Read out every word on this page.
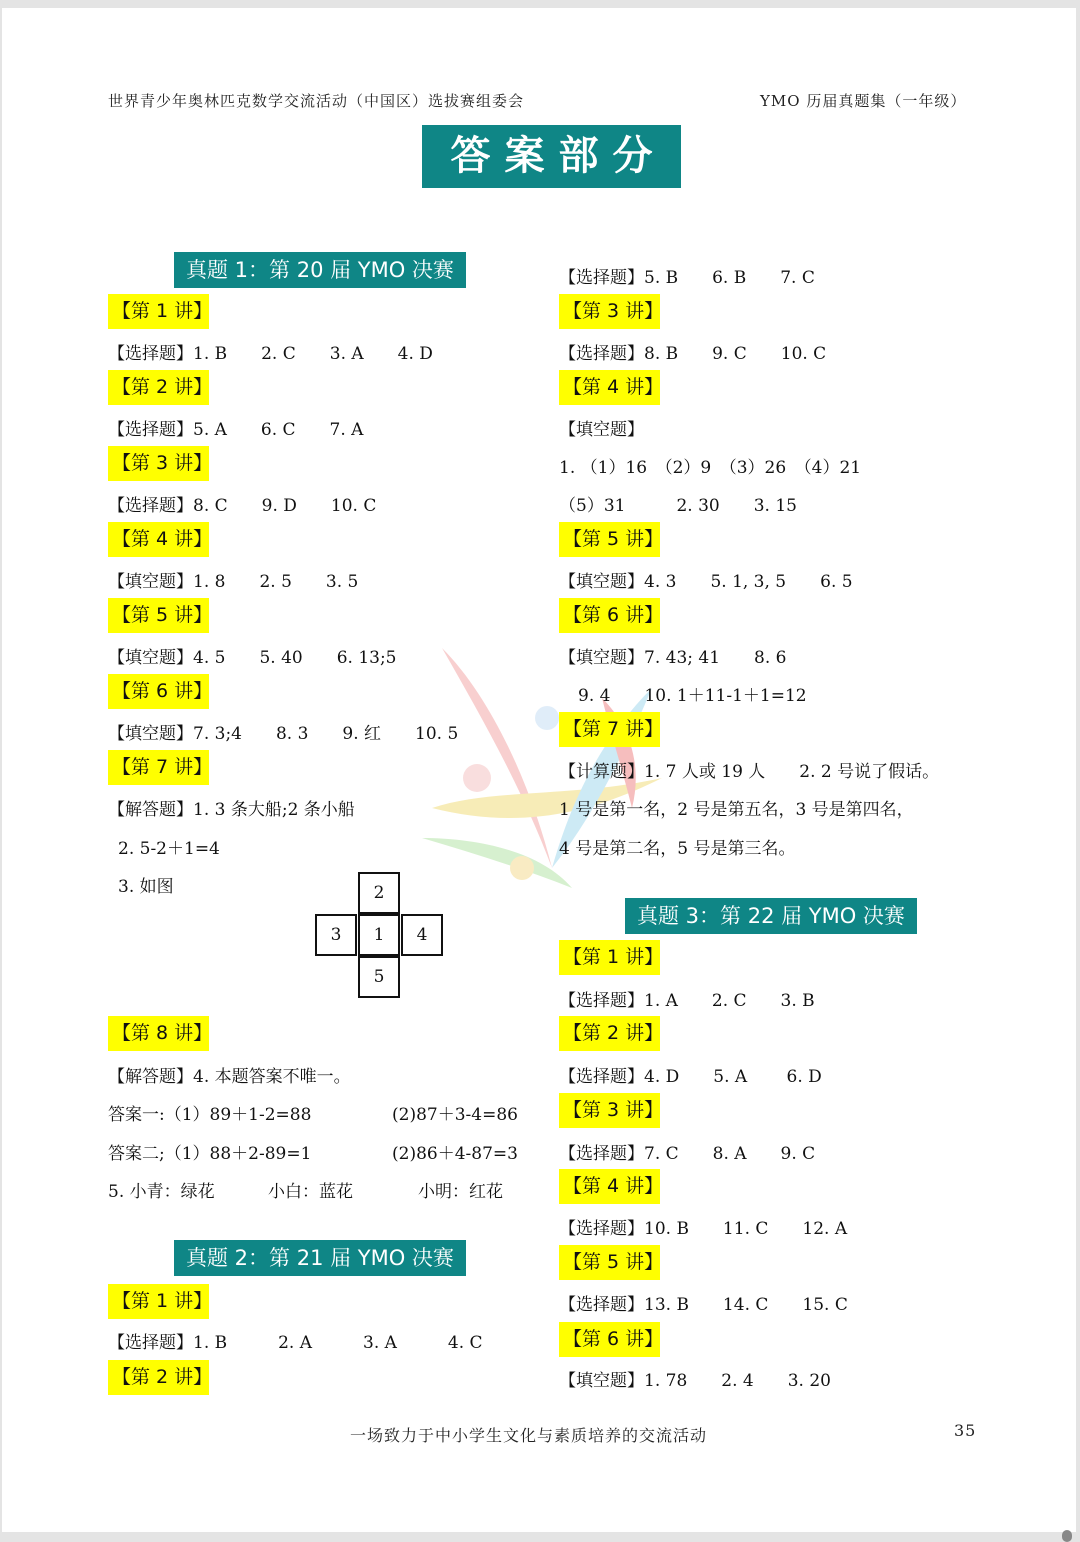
世界青少年奥林匹克数学交流活动（中国区）选拔赛组委会	YMO 历届真题集（一年级）
答案部分
真题 1：第 20 届 YMO 决赛
【第 1 讲】
【选择题】1. B　　2. C　　3. A　　4. D
【第 2 讲】
【选择题】5. A　　6. C　　7. A
【第 3 讲】
【选择题】8. C　　9. D　　10. C
【第 4 讲】
【填空题】1. 8　　2. 5　　3. 5
【第 5 讲】
【填空题】4. 5　　5. 40　　6. 13;5
【第 6 讲】
【填空题】7. 3;4　　8. 3　　9. 红　　10. 5
【第 7 讲】
【解答题】1. 3 条大船;2 条小船
2. 5-2＋1=4
3. 如图	2
3	1	4
5
【第 8 讲】
【解答题】4. 本题答案不唯一。
答案一:（1）89＋1-2=88	(2)87＋3-4=86
答案二;（1）88＋2-89=1	(2)86＋4-87=3
5. 小青：绿花	小白：蓝花	小明：红花
真题 2：第 21 届 YMO 决赛
【第 1 讲】
【选择题】1. B　　　2. A　　　3. A　　　4. C
【第 2 讲】
【选择题】5. B　　6. B　　7. C
【第 3 讲】
【选择题】8. B　　9. C　　10. C
【第 4 讲】
【填空题】
1. （1）16　（2）9　（3）26　（4）21
（5）31　　　2. 30　　3. 15
【第 5 讲】
【填空题】4. 3　　5. 1, 3, 5　　6. 5
【第 6 讲】
【填空题】7. 43; 41　　8. 6
9. 4　　10. 1＋11-1＋1=12
【第 7 讲】
【计算题】1. 7 人或 19 人　　2. 2 号说了假话。
1 号是第一名，2 号是第五名，3 号是第四名，
4 号是第二名，5 号是第三名。
真题 3：第 22 届 YMO 决赛
【第 1 讲】
【选择题】1. A　　2. C　　3. B
【第 2 讲】
【选择题】4. D　　5. A　　 6. D
【第 3 讲】
【选择题】7. C　　8. A　　9. C
【第 4 讲】
【选择题】10. B　　11. C　　12. A
【第 5 讲】
【选择题】13. B　　14. C　　15. C
【第 6 讲】
【填空题】1. 78　　2. 4　　3. 20
一场致力于中小学生文化与素质培养的交流活动	35
